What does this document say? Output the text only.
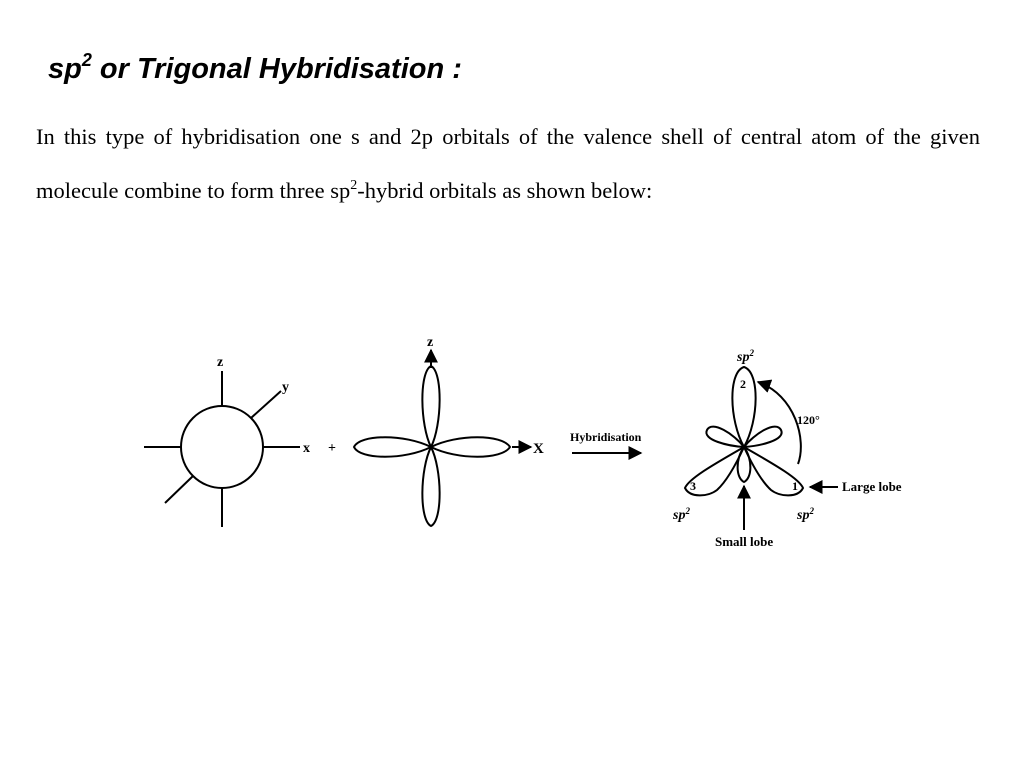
$sp^2$ or Trigonal Hybridisation :

In this type of hybridisation one s and 2p orbitals of the valence shell of central atom of the given molecule combine to form three $sp^2$-hybrid orbitals as shown below:

z
y
x +
z
X
Hybridisation
$sp^2$
2
3	1
$sp^2$	$sp^2$
120°
Large lobe
Small lobe
